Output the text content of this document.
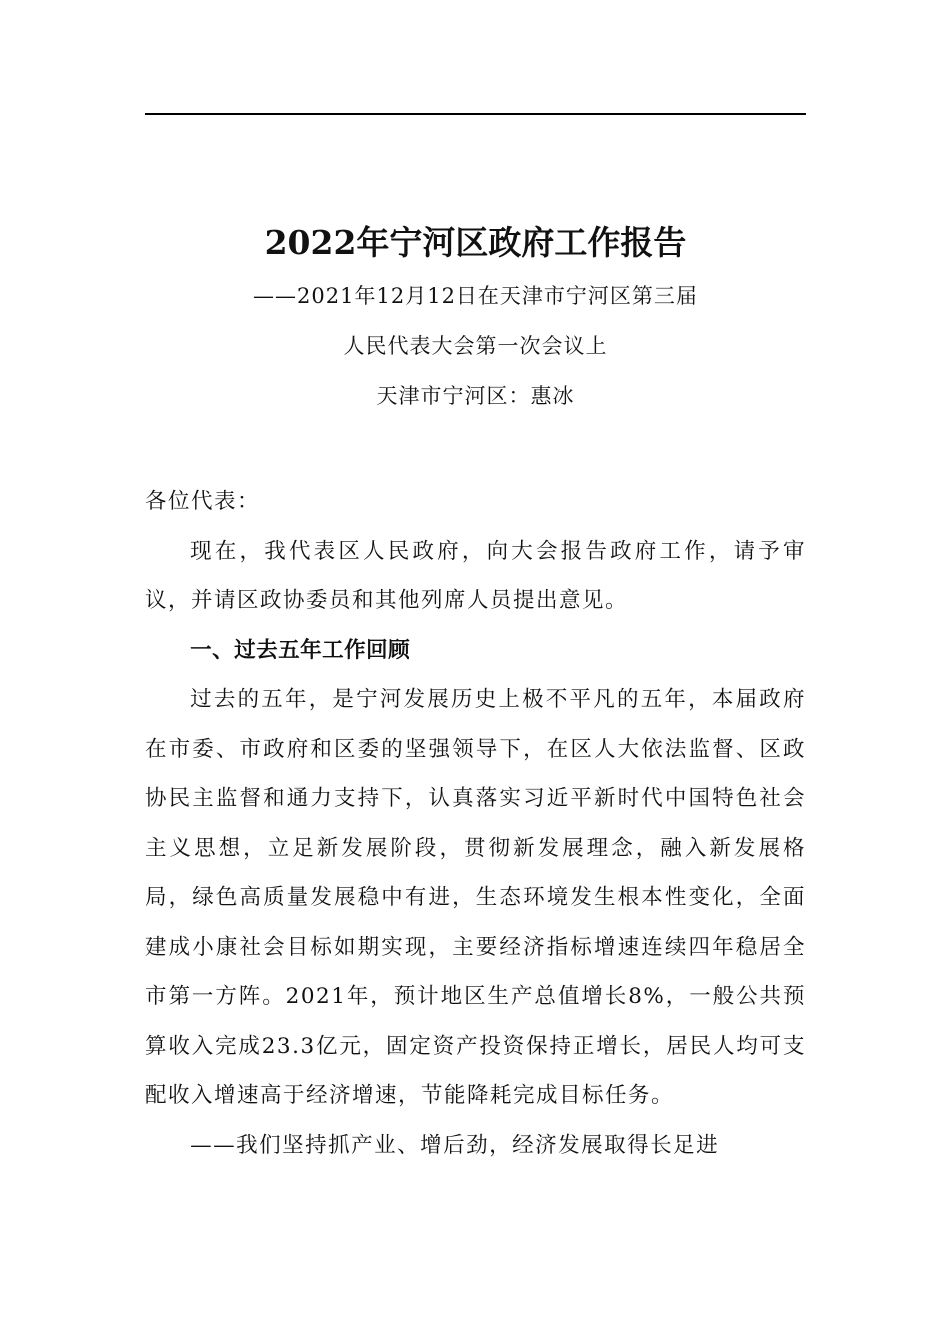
2022年宁河区政府工作报告
——2021年12月12日在天津市宁河区第三届
人民代表大会第一次会议上
天津市宁河区：惠冰

各位代表：

现在，我代表区人民政府，向大会报告政府工作，请予审议，并请区政协委员和其他列席人员提出意见。

一、过去五年工作回顾

过去的五年，是宁河发展历史上极不平凡的五年，本届政府在市委、市政府和区委的坚强领导下，在区人大依法监督、区政协民主监督和通力支持下，认真落实习近平新时代中国特色社会主义思想，立足新发展阶段，贯彻新发展理念，融入新发展格局，绿色高质量发展稳中有进，生态环境发生根本性变化，全面建成小康社会目标如期实现，主要经济指标增速连续四年稳居全市第一方阵。2021年，预计地区生产总值增长8%，一般公共预算收入完成23.3亿元，固定资产投资保持正增长，居民人均可支配收入增速高于经济增速，节能降耗完成目标任务。

——我们坚持抓产业、增后劲，经济发展取得长足进
